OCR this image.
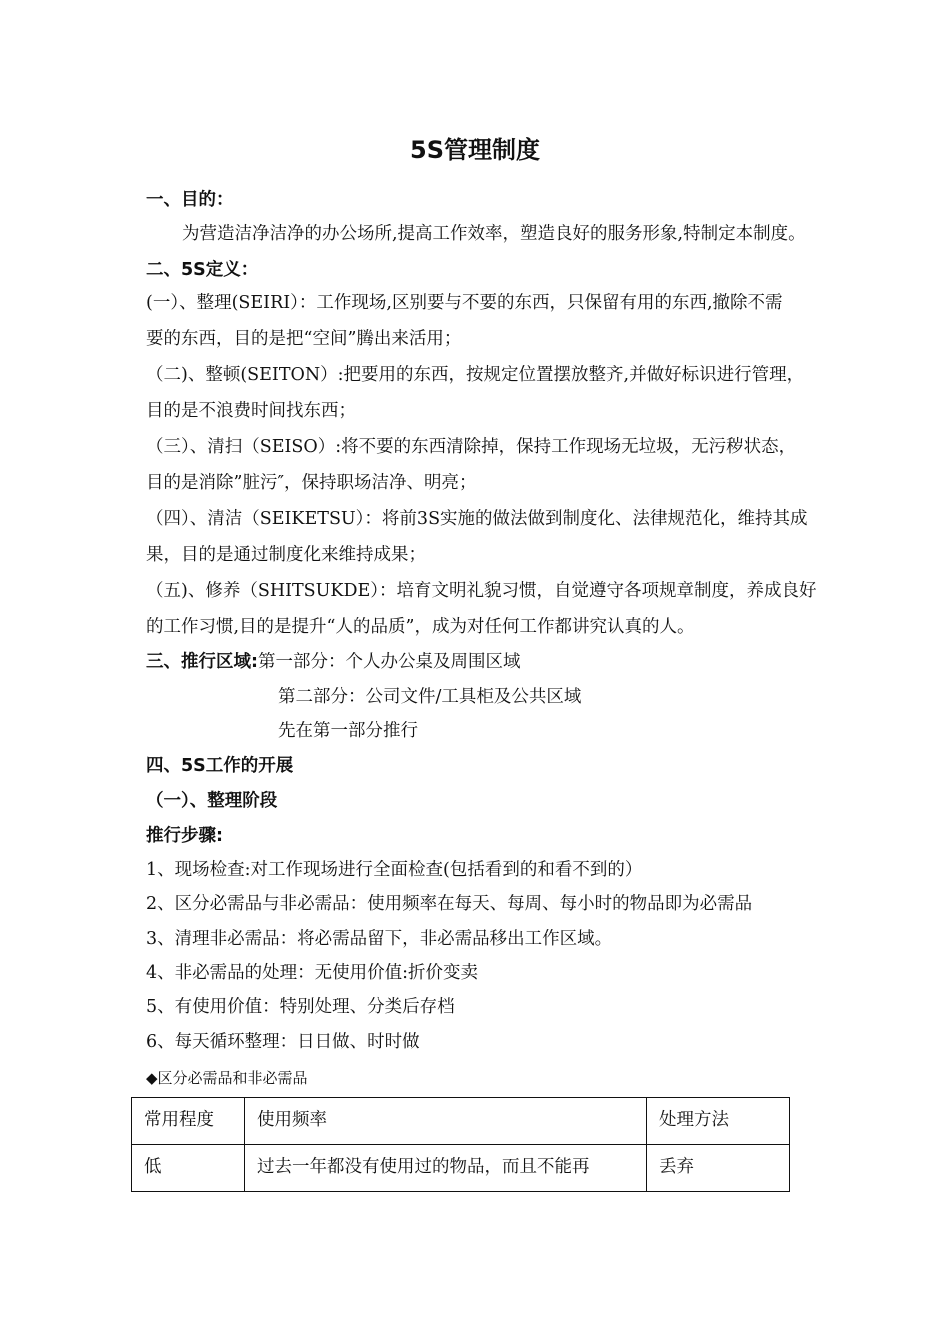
5S管理制度
一、目的：
为营造洁净洁净的办公场所,提高工作效率，塑造良好的服务形象,特制定本制度。
二、5S定义：
(一）、整理(SEIRI）：工作现场,区别要与不要的东西，只保留有用的东西,撤除不需
要的东西，目的是把“空间”腾出来活用；
（二)、整顿(SEITON）:把要用的东西，按规定位置摆放整齐,并做好标识进行管理，
目的是不浪费时间找东西；
（三）、清扫（SEISO）:将不要的东西清除掉，保持工作现场无垃圾，无污秽状态，
目的是消除”脏污″，保持职场洁净、明亮；
（四）、清洁（SEIKETSU）：将前3S实施的做法做到制度化、法律规范化，维持其成
果，目的是通过制度化来维持成果；
（五)、修养（SHITSUKDE）：培育文明礼貌习惯，自觉遵守各项规章制度，养成良好
的工作习惯,目的是提升“人的品质”，成为对任何工作都讲究认真的人。
三、推行区域:第一部分：个人办公桌及周围区域
第二部分：公司文件/工具柜及公共区域
先在第一部分推行
四、5S工作的开展
（一）、整理阶段
推行步骤:
1、现场检查:对工作现场进行全面检查(包括看到的和看不到的）
2、区分必需品与非必需品：使用频率在每天、每周、每小时的物品即为必需品
3、清理非必需品：将必需品留下，非必需品移出工作区域。
4、非必需品的处理：无使用价值:折价变卖
5、有使用价值：特别处理、分类后存档
6、每天循环整理：日日做、时时做
◆区分必需品和非必需品
常用程度	使用频率	处理方法
低	过去一年都没有使用过的物品，而且不能再	丢弃
